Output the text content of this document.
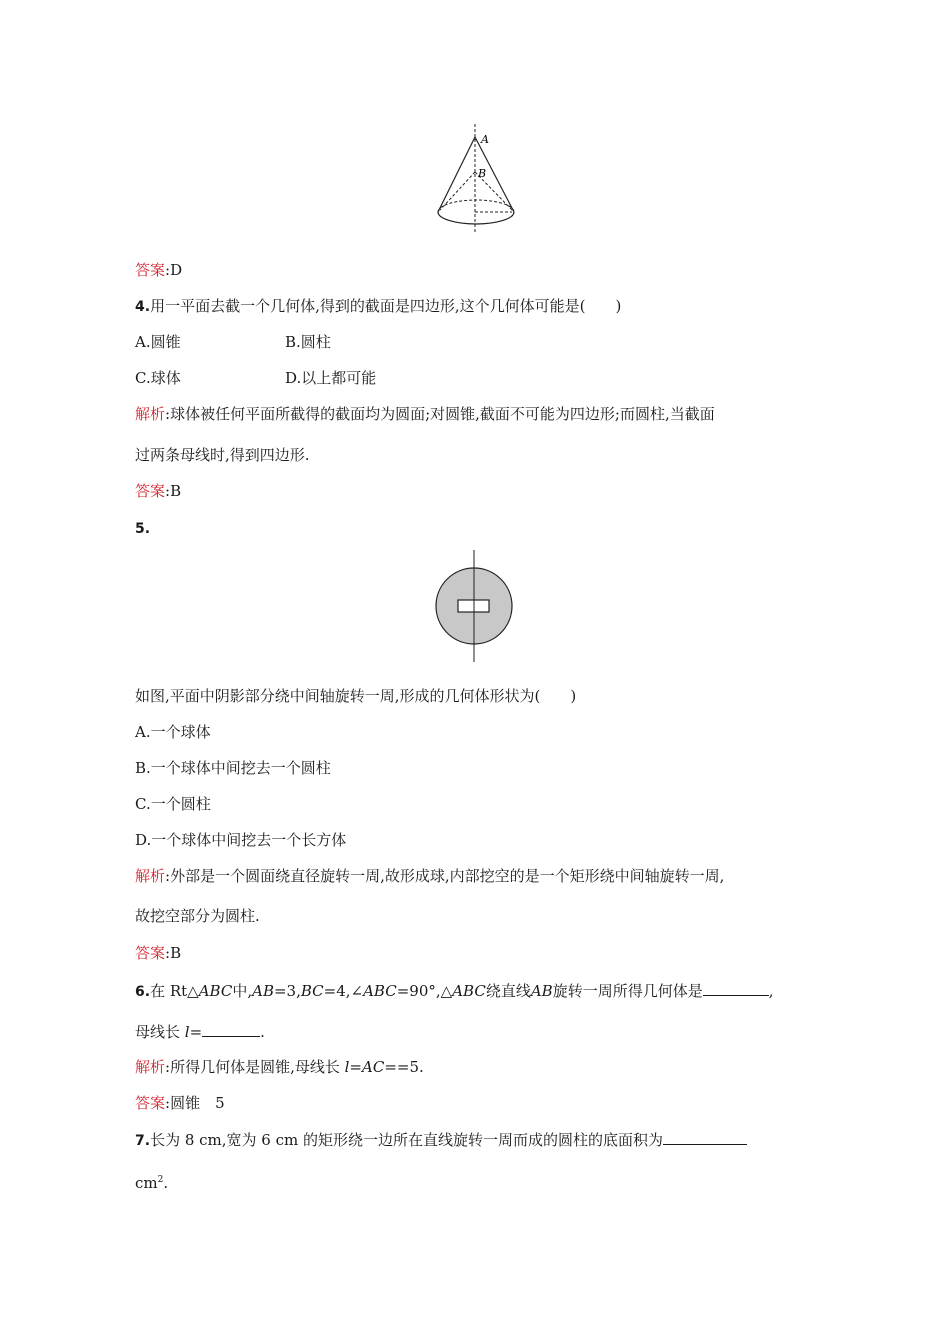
A
B
答案:D
4.用一平面去截一个几何体,得到的截面是四边形,这个几何体可能是(　　)
A.圆锥	B.圆柱
C.球体	D.以上都可能
解析:球体被任何平面所截得的截面均为圆面;对圆锥,截面不可能为四边形;而圆柱,当截面
过两条母线时,得到四边形.
答案:B
5.
如图,平面中阴影部分绕中间轴旋转一周,形成的几何体形状为(　　)
A.一个球体
B.一个球体中间挖去一个圆柱
C.一个圆柱
D.一个球体中间挖去一个长方体
解析:外部是一个圆面绕直径旋转一周,故形成球,内部挖空的是一个矩形绕中间轴旋转一周,
故挖空部分为圆柱.
答案:B
6.在 Rt△ABC中,AB=3,BC=4,∠ABC=90°,△ABC绕直线AB旋转一周所得几何体是	,
母线长 l=	.
解析:所得几何体是圆锥,母线长 l=AC==5.
答案:圆锥　5
7.长为 8 cm,宽为 6 cm 的矩形绕一边所在直线旋转一周而成的圆柱的底面积为
$cm^2$.
